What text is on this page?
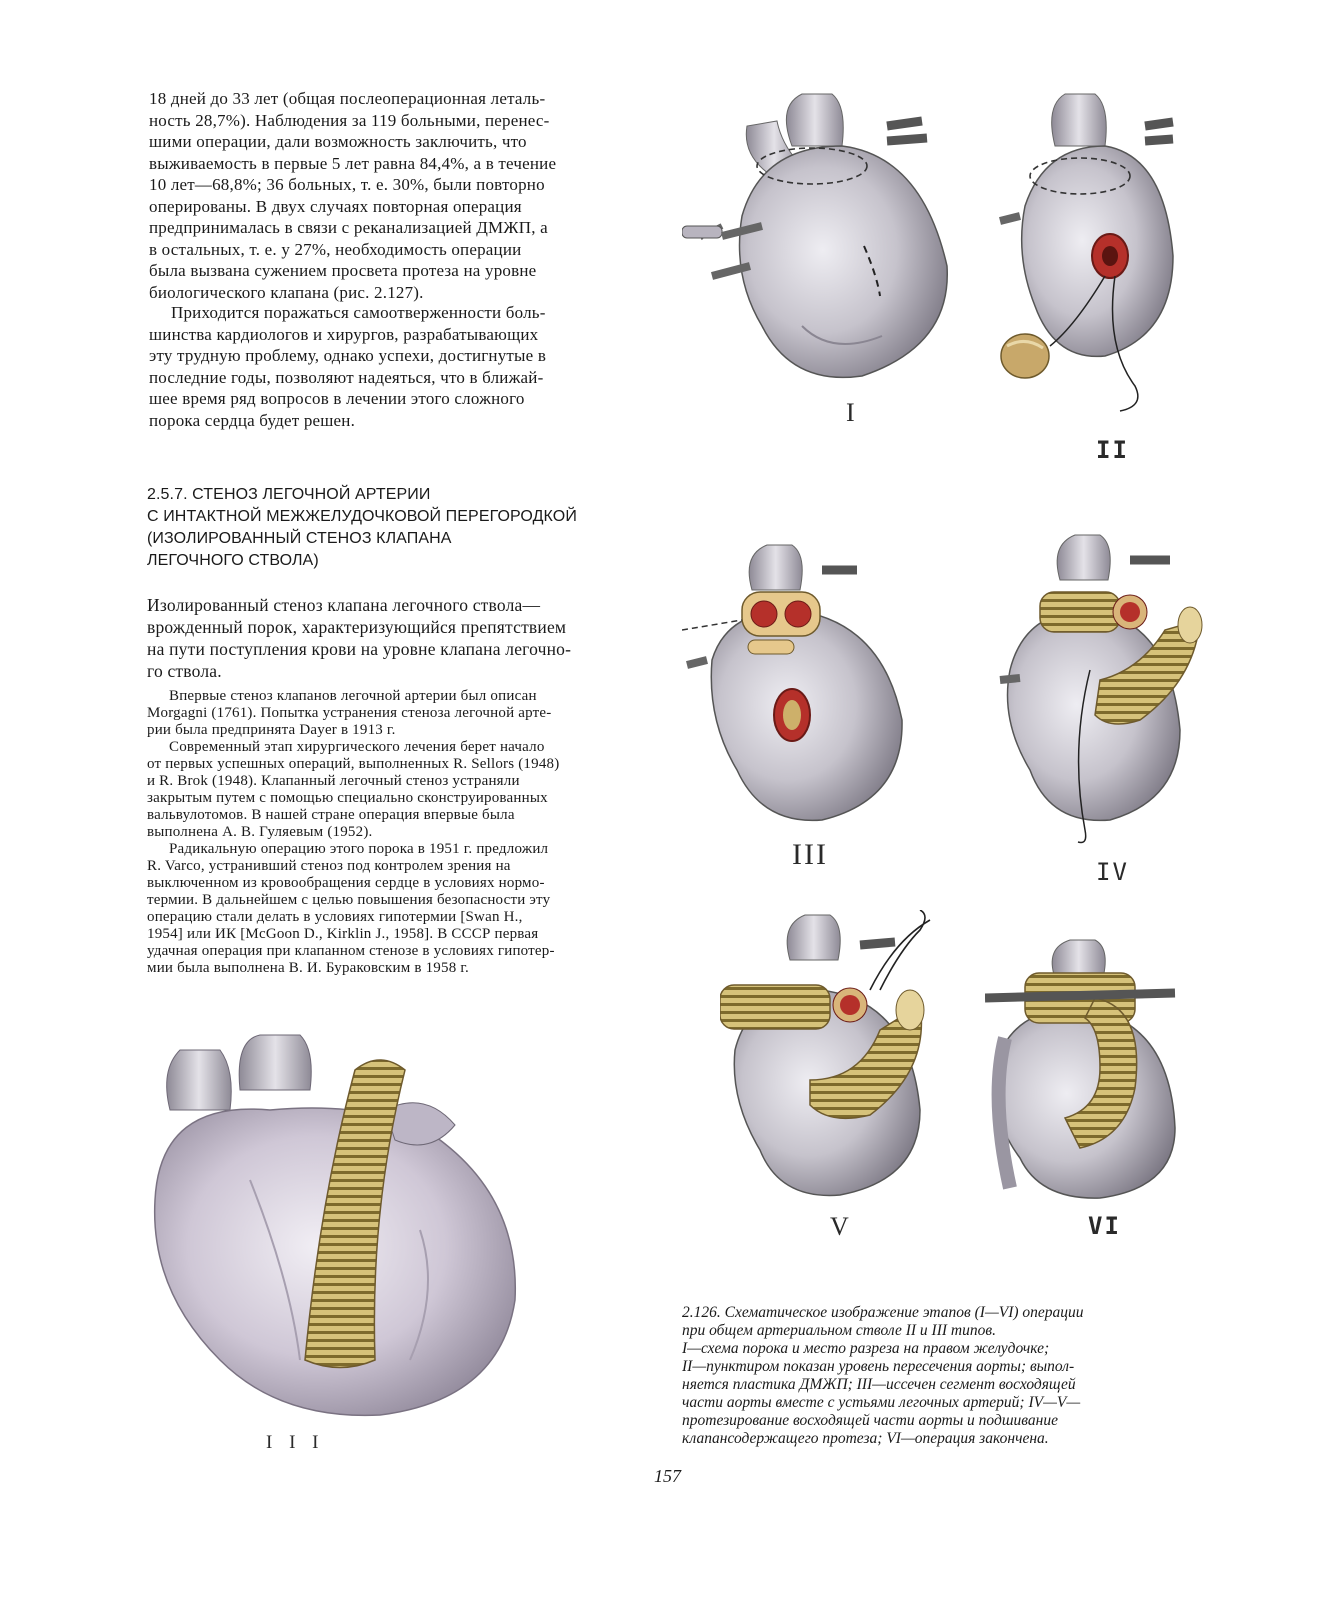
18 дней до 33 лет (общая послеоперационная леталь-
ность 28,7%). Наблюдения за 119 больными, перенес-
шими операции, дали возможность заключить, что
выживаемость в первые 5 лет равна 84,4%, а в течение
10 лет—68,8%; 36 больных, т. е. 30%, были повторно
оперированы. В двух случаях повторная операция
предпринималась в связи с реканализацией ДМЖП, а
в остальных, т. е. у 27%, необходимость операции
была вызвана сужением просвета протеза на уровне
биологического клапана (рис. 2.127).
Приходится поражаться самоотверженности боль-
шинства кардиологов и хирургов, разрабатывающих
эту трудную проблему, однако успехи, достигнутые в
последние годы, позволяют надеяться, что в ближай-
шее время ряд вопросов в лечении этого сложного
порока сердца будет решен.
2.5.7. СТЕНОЗ ЛЕГОЧНОЙ АРТЕРИИ
С ИНТАКТНОЙ МЕЖЖЕЛУДОЧКОВОЙ ПЕРЕГОРОДКОЙ
(ИЗОЛИРОВАННЫЙ СТЕНОЗ КЛАПАНА
ЛЕГОЧНОГО СТВОЛА)
Изолированный стеноз клапана легочного ствола—
врожденный порок, характеризующийся препятствием
на пути поступления крови на уровне клапана легочно-
го ствола.
Впервые стеноз клапанов легочной артерии был описан
Morgagni (1761). Попытка устранения стеноза легочной арте-
рии была предпринята Dayer в 1913 г.
Современный этап хирургического лечения берет начало
от первых успешных операций, выполненных R. Sellors (1948)
и R. Brok (1948). Клапанный легочный стеноз устраняли
закрытым путем с помощью специально сконструированных
вальвулотомов. В нашей стране операция впервые была
выполнена А. В. Гуляевым (1952).
Радикальную операцию этого порока в 1951 г. предложил
R. Varco, устранивший стеноз под контролем зрения на
выключенном из кровообращения сердце в условиях нормо-
термии. В дальнейшем с целью повышения безопасности эту
операцию стали делать в условиях гипотермии [Swan H.,
1954] или ИК [McGoon D., Kirklin J., 1958]. В СССР первая
удачная операция при клапанном стенозе в условиях гипотер-
мии была выполнена В. И. Бураковским в 1958 г.
I
II
III
IV
V	VI
I I I
2.126. Схематическое изображение этапов (I—VI) операции
при общем артериальном стволе II и III типов.
I—схема порока и место разреза на правом желудочке;
II—пунктиром показан уровень пересечения аорты; выпол-
няется пластика ДМЖП; III—иссечен сегмент восходящей
части аорты вместе с устьями легочных артерий; IV—V—
протезирование восходящей части аорты и подшивание
клапансодержащего протеза; VI—операция закончена.
157
